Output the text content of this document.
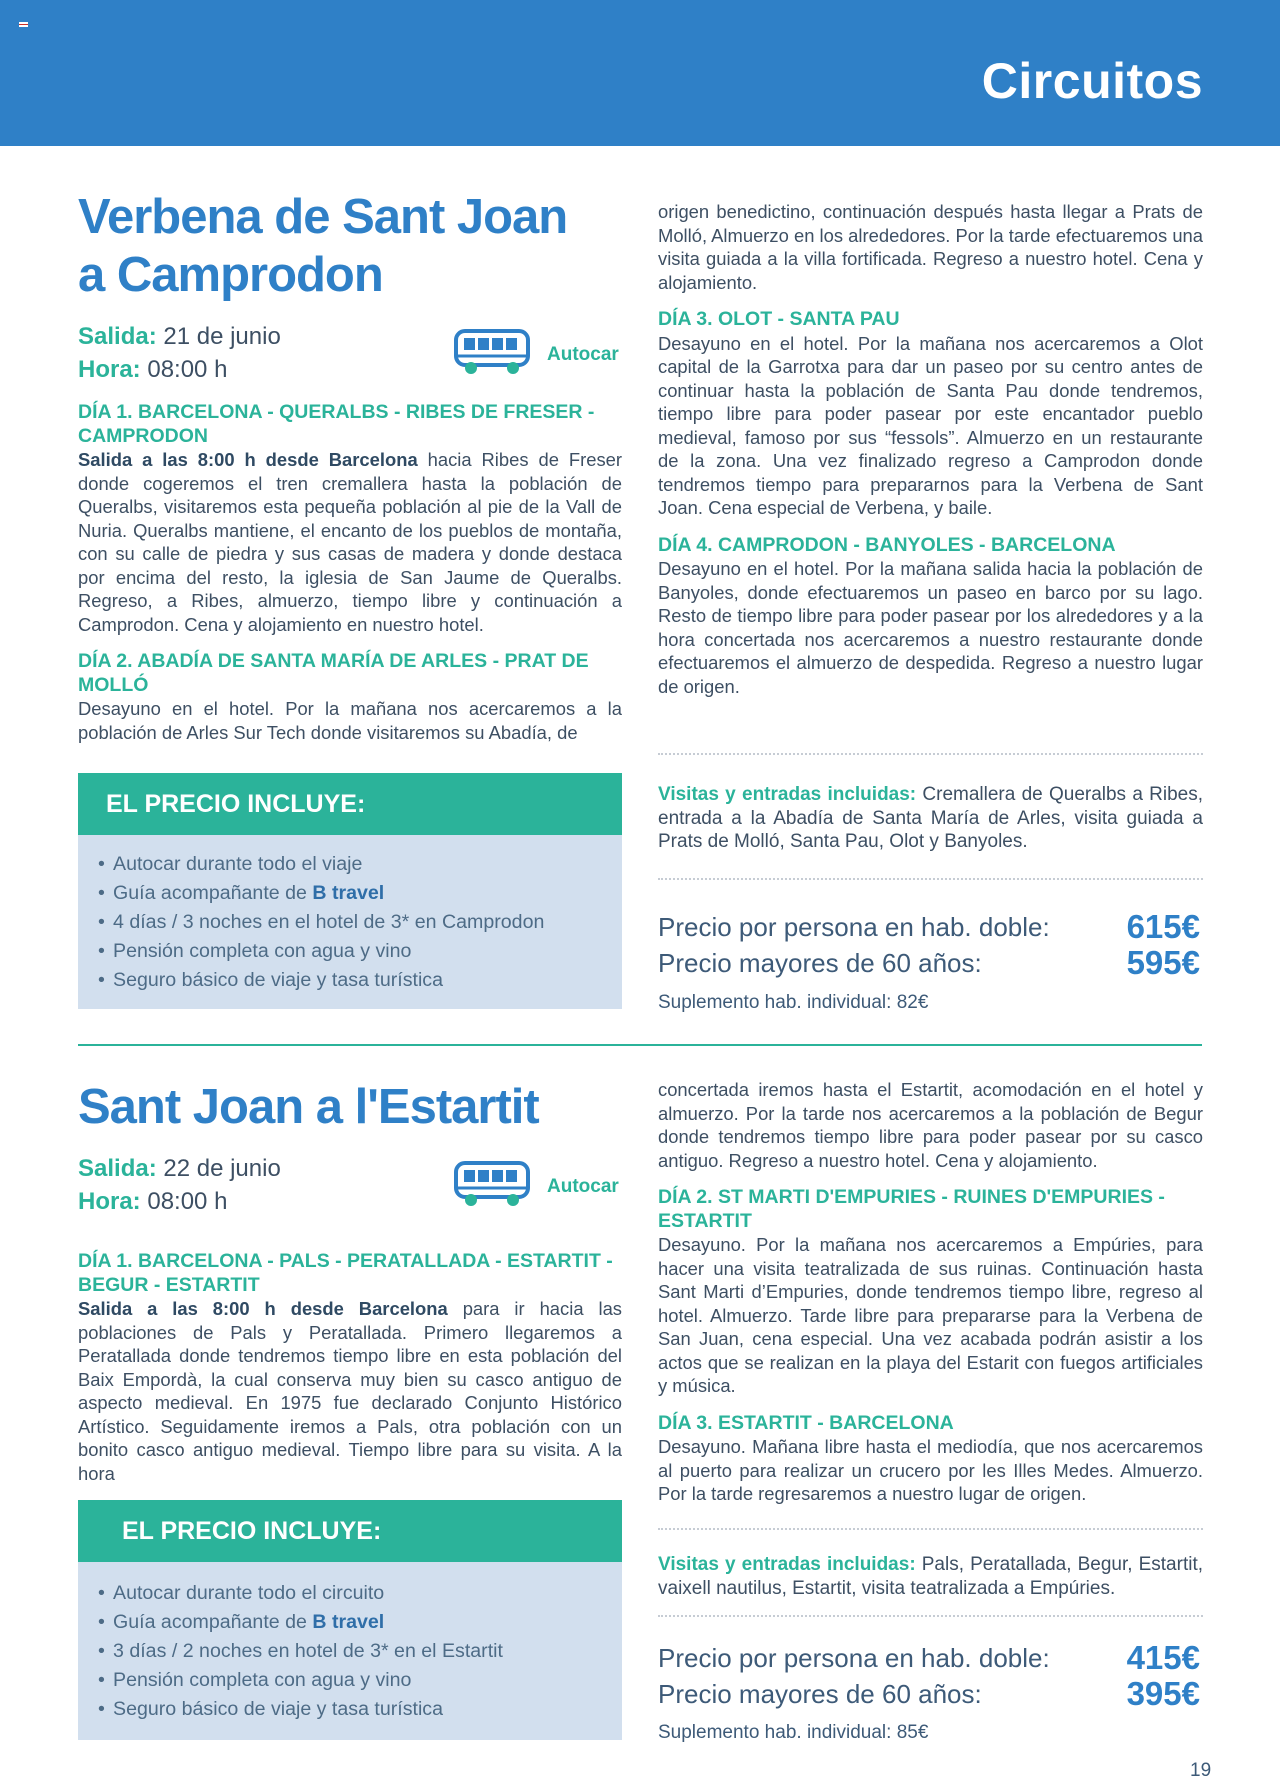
Circuitos
Verbena de Sant Joan
a Camprodon
Salida: 21 de junio
Hora: 08:00 h
Autocar
DÍA 1. BARCELONA - QUERALBS - RIBES DE FRESER - CAMPRODON
Salida a las 8:00 h desde Barcelona hacia Ribes de Freser donde cogeremos el tren cremallera hasta la población de Queralbs, visitaremos esta pequeña población al pie de la Vall de Nuria. Queralbs mantiene, el encanto de los pueblos de montaña, con su calle de piedra y sus casas de madera y donde destaca por encima del resto, la iglesia de San Jaume de Queralbs. Regreso, a Ribes, almuerzo, tiempo libre y continuación a Camprodon. Cena y alojamiento en nuestro hotel.
DÍA 2. ABADÍA DE SANTA MARÍA DE ARLES - PRAT DE MOLLÓ
Desayuno en el hotel. Por la mañana nos acercaremos a la población de Arles Sur Tech donde visitaremos su Abadía, de
origen benedictino, continuación después hasta llegar a Prats de Molló, Almuerzo en los alrededores. Por la tarde efectuaremos una visita guiada a la villa fortificada. Regreso a nuestro hotel. Cena y alojamiento.
DÍA 3. OLOT - SANTA PAU
Desayuno en el hotel. Por la mañana nos acercaremos a Olot capital de la Garrotxa para dar un paseo por su centro antes de continuar hasta la población de Santa Pau donde tendremos, tiempo libre para poder pasear por este encantador pueblo medieval, famoso por sus “fessols”. Almuerzo en un restaurante de la zona. Una vez finalizado regreso a Camprodon donde tendremos tiempo para prepararnos para la Verbena de Sant Joan. Cena especial de Verbena, y baile.
DÍA 4. CAMPRODON - BANYOLES - BARCELONA
Desayuno en el hotel. Por la mañana salida hacia la población de Banyoles, donde efectuaremos un paseo en barco por su lago. Resto de tiempo libre para poder pasear por los alrededores y a la hora concertada nos acercaremos a nuestro restaurante donde efectuaremos el almuerzo de despedida. Regreso a nuestro lugar de origen.
EL PRECIO INCLUYE:
• Autocar durante todo el viaje
• Guía acompañante de B travel
• 4 días / 3 noches en el hotel de 3* en Camprodon
• Pensión completa con agua y vino
• Seguro básico de viaje y tasa turística
Visitas y entradas incluidas: Cremallera de Queralbs a Ribes, entrada a la Abadía de Santa María de Arles, visita guiada a Prats de Molló, Santa Pau, Olot y Banyoles.
Precio por persona en hab. doble: 615€
Precio mayores de 60 años:	595€
Suplemento hab. individual: 82€
Sant Joan a l'Estartit
Salida: 22 de junio
Hora: 08:00 h
Autocar
DÍA 1. BARCELONA - PALS - PERATALLADA - ESTARTIT - BEGUR - ESTARTIT
Salida a las 8:00 h desde Barcelona para ir hacia las poblaciones de Pals y Peratallada. Primero llegaremos a Peratallada donde tendremos tiempo libre en esta población del Baix Empordà, la cual conserva muy bien su casco antiguo de aspecto medieval. En 1975 fue declarado Conjunto Histórico Artístico. Seguidamente iremos a Pals, otra población con un bonito casco antiguo medieval. Tiempo libre para su visita. A la hora
concertada iremos hasta el Estartit, acomodación en el hotel y almuerzo. Por la tarde nos acercaremos a la población de Begur donde tendremos tiempo libre para poder pasear por su casco antiguo. Regreso a nuestro hotel. Cena y alojamiento.
DÍA 2. ST MARTI D'EMPURIES - RUINES D'EMPURIES - ESTARTIT
Desayuno. Por la mañana nos acercaremos a Empúries, para hacer una visita teatralizada de sus ruinas. Continuación hasta Sant Marti d’Empuries, donde tendremos tiempo libre, regreso al hotel. Almuerzo. Tarde libre para prepararse para la Verbena de San Juan, cena especial. Una vez acabada podrán asistir a los actos que se realizan en la playa del Estarit con fuegos artificiales y música.
DÍA 3. ESTARTIT - BARCELONA
Desayuno. Mañana libre hasta el mediodía, que nos acercaremos al puerto para realizar un crucero por les Illes Medes. Almuerzo. Por la tarde regresaremos a nuestro lugar de origen.
EL PRECIO INCLUYE:
• Autocar durante todo el circuito
• Guía acompañante de B travel
• 3 días / 2 noches en hotel de 3* en el Estartit
• Pensión completa con agua y vino
• Seguro básico de viaje y tasa turística
Visitas y entradas incluidas: Pals, Peratallada, Begur, Estartit, vaixell nautilus, Estartit, visita teatralizada a Empúries.
Precio por persona en hab. doble: 415€
Precio mayores de 60 años:	395€
Suplemento hab. individual: 85€
19
